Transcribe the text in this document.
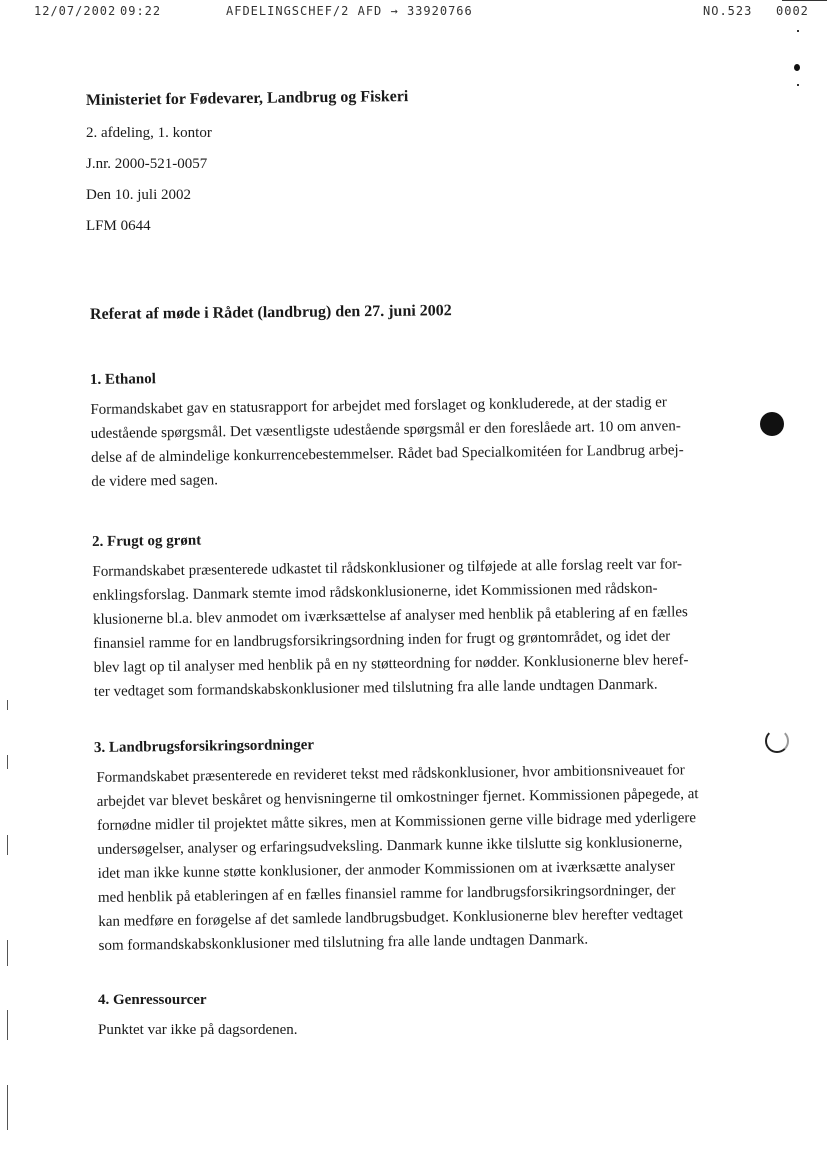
12/07/2002 09:22	AFDELINGSCHEF/2 AFD → 33920766	NO.523 0002
Ministeriet for Fødevarer, Landbrug og Fiskeri
2. afdeling, 1. kontor
J.nr. 2000-521-0057
Den 10. juli 2002
LFM 0644
Referat af møde i Rådet (landbrug) den 27. juni 2002
1. Ethanol
Formandskabet gav en statusrapport for arbejdet med forslaget og konkluderede, at der stadig er
udestående spørgsmål. Det væsentligste udestående spørgsmål er den foreslåede art. 10 om anven-
delse af de almindelige konkurrencebestemmelser. Rådet bad Specialkomitéen for Landbrug arbej-
de videre med sagen.
2. Frugt og grønt
Formandskabet præsenterede udkastet til rådskonklusioner og tilføjede at alle forslag reelt var for-
enklingsforslag. Danmark stemte imod rådskonklusionerne, idet Kommissionen med rådskon-
klusionerne bl.a. blev anmodet om iværksættelse af analyser med henblik på etablering af en fælles
finansiel ramme for en landbrugsforsikringsordning inden for frugt og grøntområdet, og idet der
blev lagt op til analyser med henblik på en ny støtteordning for nødder. Konklusionerne blev heref-
ter vedtaget som formandskabskonklusioner med tilslutning fra alle lande undtagen Danmark.
3. Landbrugsforsikringsordninger
Formandskabet præsenterede en revideret tekst med rådskonklusioner, hvor ambitionsniveauet for
arbejdet var blevet beskåret og henvisningerne til omkostninger fjernet. Kommissionen påpegede, at
fornødne midler til projektet måtte sikres, men at Kommissionen gerne ville bidrage med yderligere
undersøgelser, analyser og erfaringsudveksling. Danmark kunne ikke tilslutte sig konklusionerne,
idet man ikke kunne støtte konklusioner, der anmoder Kommissionen om at iværksætte analyser
med henblik på etableringen af en fælles finansiel ramme for landbrugsforsikringsordninger, der
kan medføre en forøgelse af det samlede landbrugsbudget. Konklusionerne blev herefter vedtaget
som formandskabskonklusioner med tilslutning fra alle lande undtagen Danmark.
4. Genressourcer
Punktet var ikke på dagsordenen.
